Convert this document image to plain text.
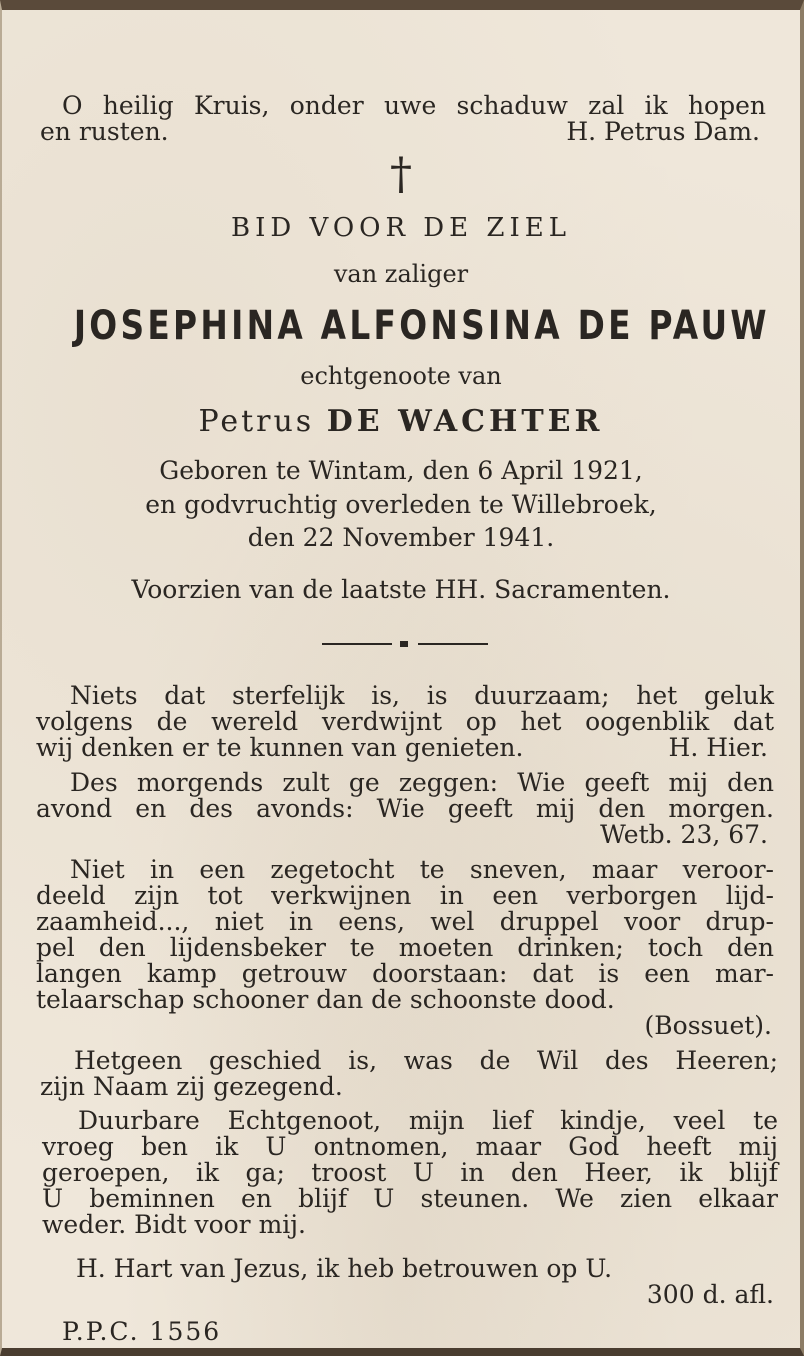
O heilig Kruis, onder uwe schaduw zal ik hopen
en rusten.	H. Petrus Dam.
†
BID VOOR DE ZIEL
van zaliger
JOSEPHINA ALFONSINA DE PAUW
echtgenoote van
Petrus DE WACHTER
Geboren te Wintam, den 6 April 1921,
en godvruchtig overleden te Willebroek,
den 22 November 1941.
Voorzien van de laatste HH. Sacramenten.
Niets dat sterfelijk is, is duurzaam; het geluk
volgens de wereld verdwijnt op het oogenblik dat
wij denken er te kunnen van genieten.	H. Hier.
Des morgends zult ge zeggen: Wie geeft mij den
avond en des avonds: Wie geeft mij den morgen.
Wetb. 23, 67.
Niet in een zegetocht te sneven, maar veroor-
deeld zijn tot verkwijnen in een verborgen lijd-
zaamheid..., niet in eens, wel druppel voor drup-
pel den lijdensbeker te moeten drinken; toch den
langen kamp getrouw doorstaan: dat is een mar-
telaarschap schooner dan de schoonste dood.
(Bossuet).
Hetgeen geschied is, was de Wil des Heeren;
zijn Naam zij gezegend.
Duurbare Echtgenoot, mijn lief kindje, veel te
vroeg ben ik U ontnomen, maar God heeft mij
geroepen, ik ga; troost U in den Heer, ik blijf
U beminnen en blijf U steunen. We zien elkaar
weder. Bidt voor mij.
H. Hart van Jezus, ik heb betrouwen op U.
300 d. afl.
P.P.C. 1556
